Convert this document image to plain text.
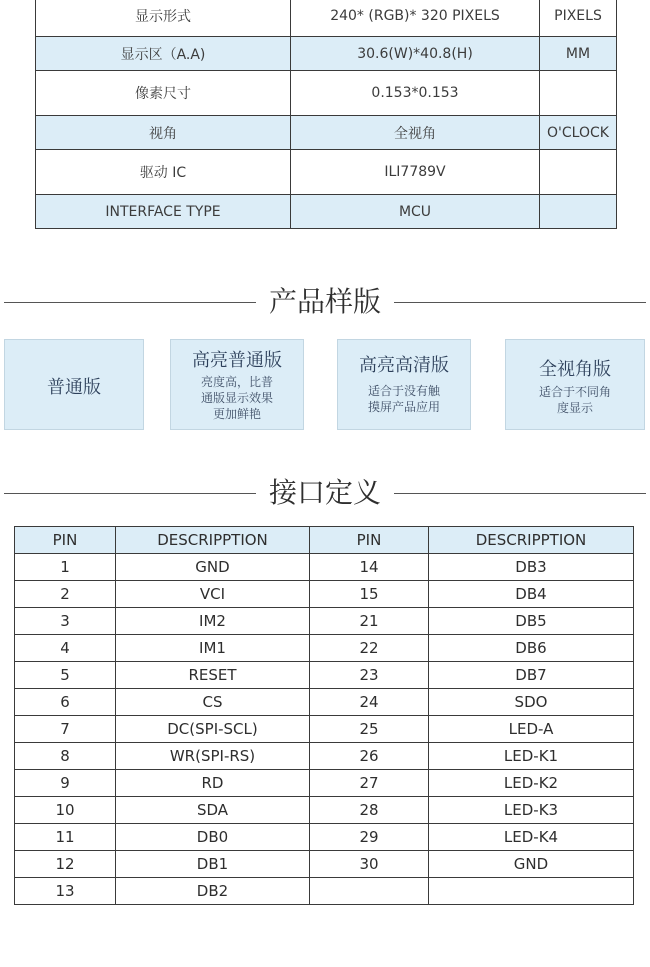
显示形式	240* (RGB)* 320 PIXELS	PIXELS
显示区（A.A)	30.6(W)*40.8(H)	MM
像素尺寸	0.153*0.153	
视角	全视角	O'CLOCK
驱动 IC	ILI7789V	
INTERFACE TYPE	MCU	
产品样版
普通版
高亮普通版
亮度高，比普
通版显示效果
更加鲜艳
高亮高清版
适合于没有触
摸屏产品应用
全视角版
适合于不同角
度显示
接口定义
PIN	DESCRIPPTION	PIN	DESCRIPPTION
1	GND	14	DB3
2	VCI	15	DB4
3	IM2	21	DB5
4	IM1	22	DB6
5	RESET	23	DB7
6	CS	24	SDO
7	DC(SPI-SCL)	25	LED-A
8	WR(SPI-RS)	26	LED-K1
9	RD	27	LED-K2
10	SDA	28	LED-K3
11	DB0	29	LED-K4
12	DB1	30	GND
13	DB2		
